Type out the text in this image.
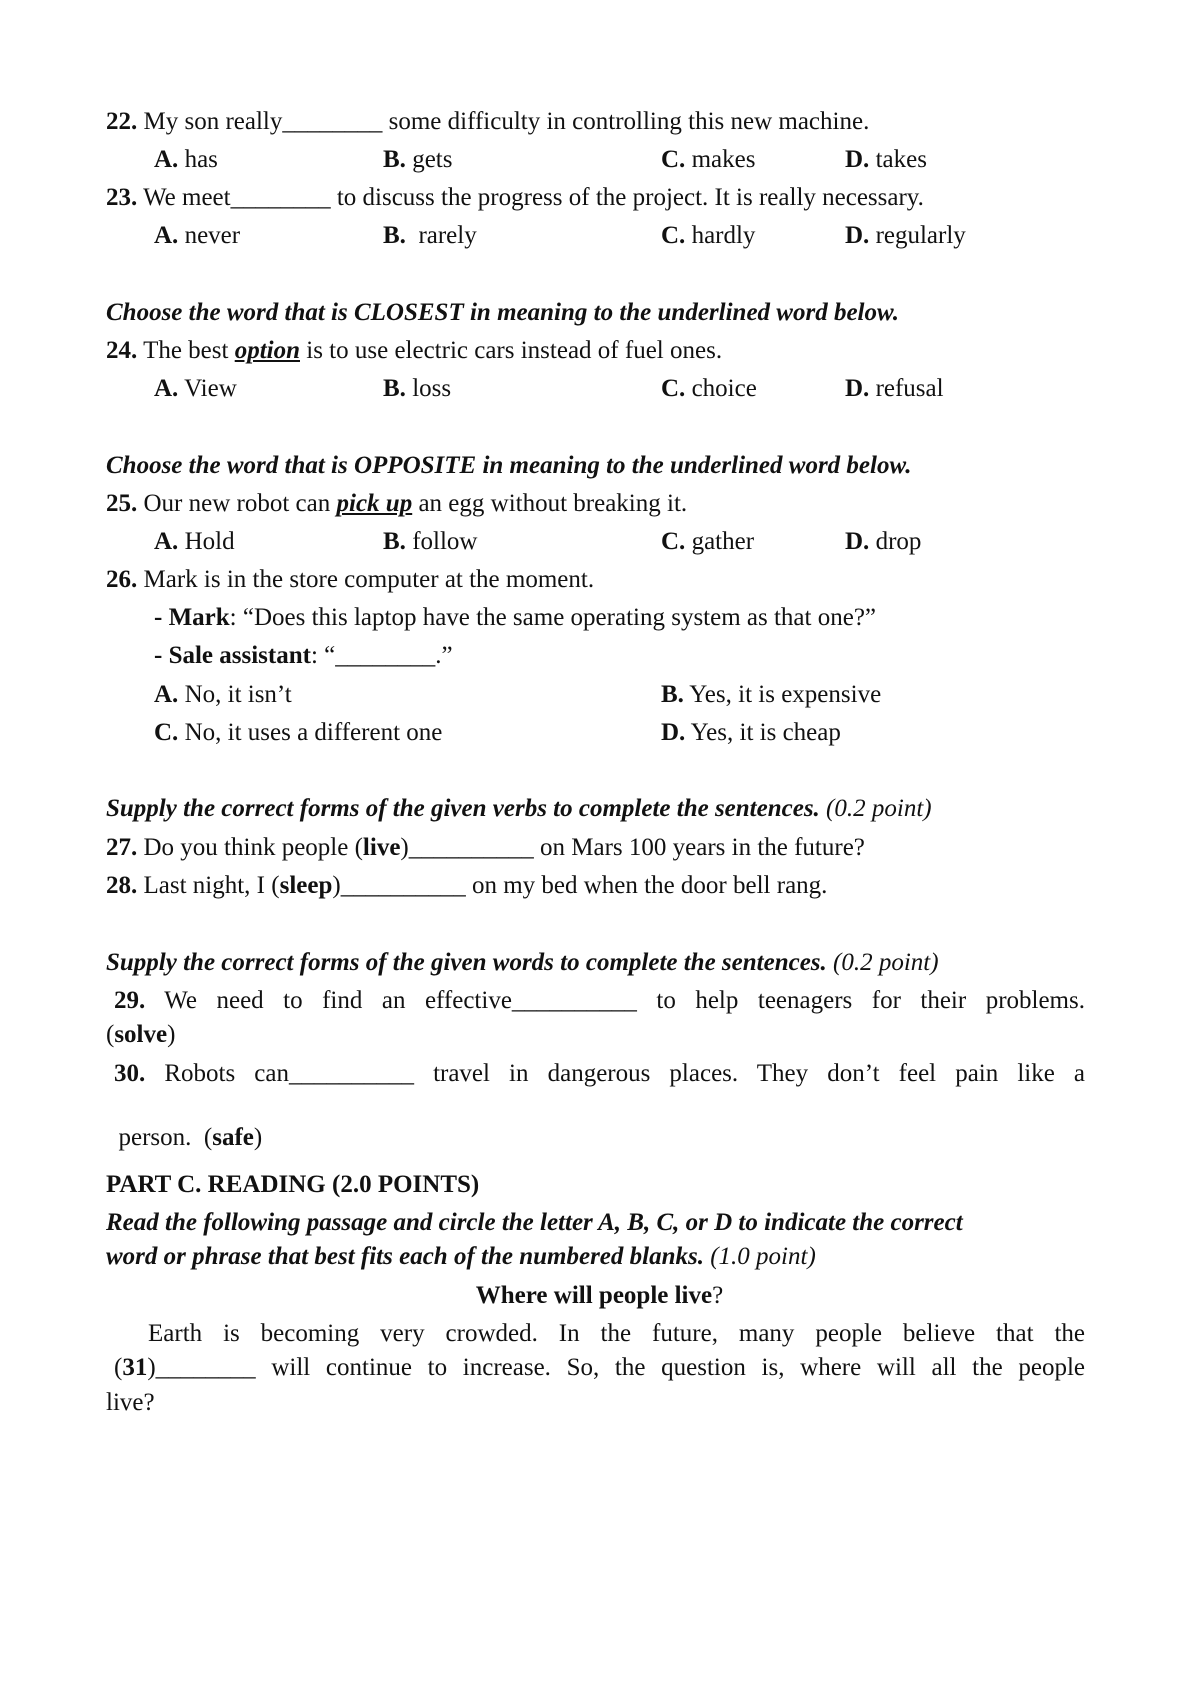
22. My son really________ some difficulty in controlling this new machine.
A. has	B. gets	C. makes	D. takes
23. We meet________ to discuss the progress of the project. It is really necessary.
A. never	B.  rarely	C. hardly	D. regularly
Choose the word that is CLOSEST in meaning to the underlined word below.
24. The best option is to use electric cars instead of fuel ones.
A. View	B. loss	C. choice	D. refusal
Choose the word that is OPPOSITE in meaning to the underlined word below.
25. Our new robot can pick up an egg without breaking it.
A. Hold	B. follow	C. gather	D. drop
26. Mark is in the store computer at the moment.
- Mark: “Does this laptop have the same operating system as that one?”
- Sale assistant: “________.”
A. No, it isn’t	B. Yes, it is expensive
C. No, it uses a different one	D. Yes, it is cheap
Supply the correct forms of the given verbs to complete the sentences. (0.2 point)
27. Do you think people (live)__________ on Mars 100 years in the future?
28. Last night, I (sleep)__________ on my bed when the door bell rang.
Supply the correct forms of the given words to complete the sentences. (0.2 point)
29. We need to find an effective__________ to help teenagers for their problems.
(solve)
30. Robots can__________ travel in dangerous places. They don’t feel pain like a

person.  (safe)

PART C. READING (2.0 POINTS)
Read the following passage and circle the letter A, B, C, or D to indicate the correct
word or phrase that best fits each of the numbered blanks. (1.0 point)
Where will people live?
Earth is becoming very crowded. In the future, many people believe that the
(31)________ will continue to increase. So, the question is, where will all the people
live?
